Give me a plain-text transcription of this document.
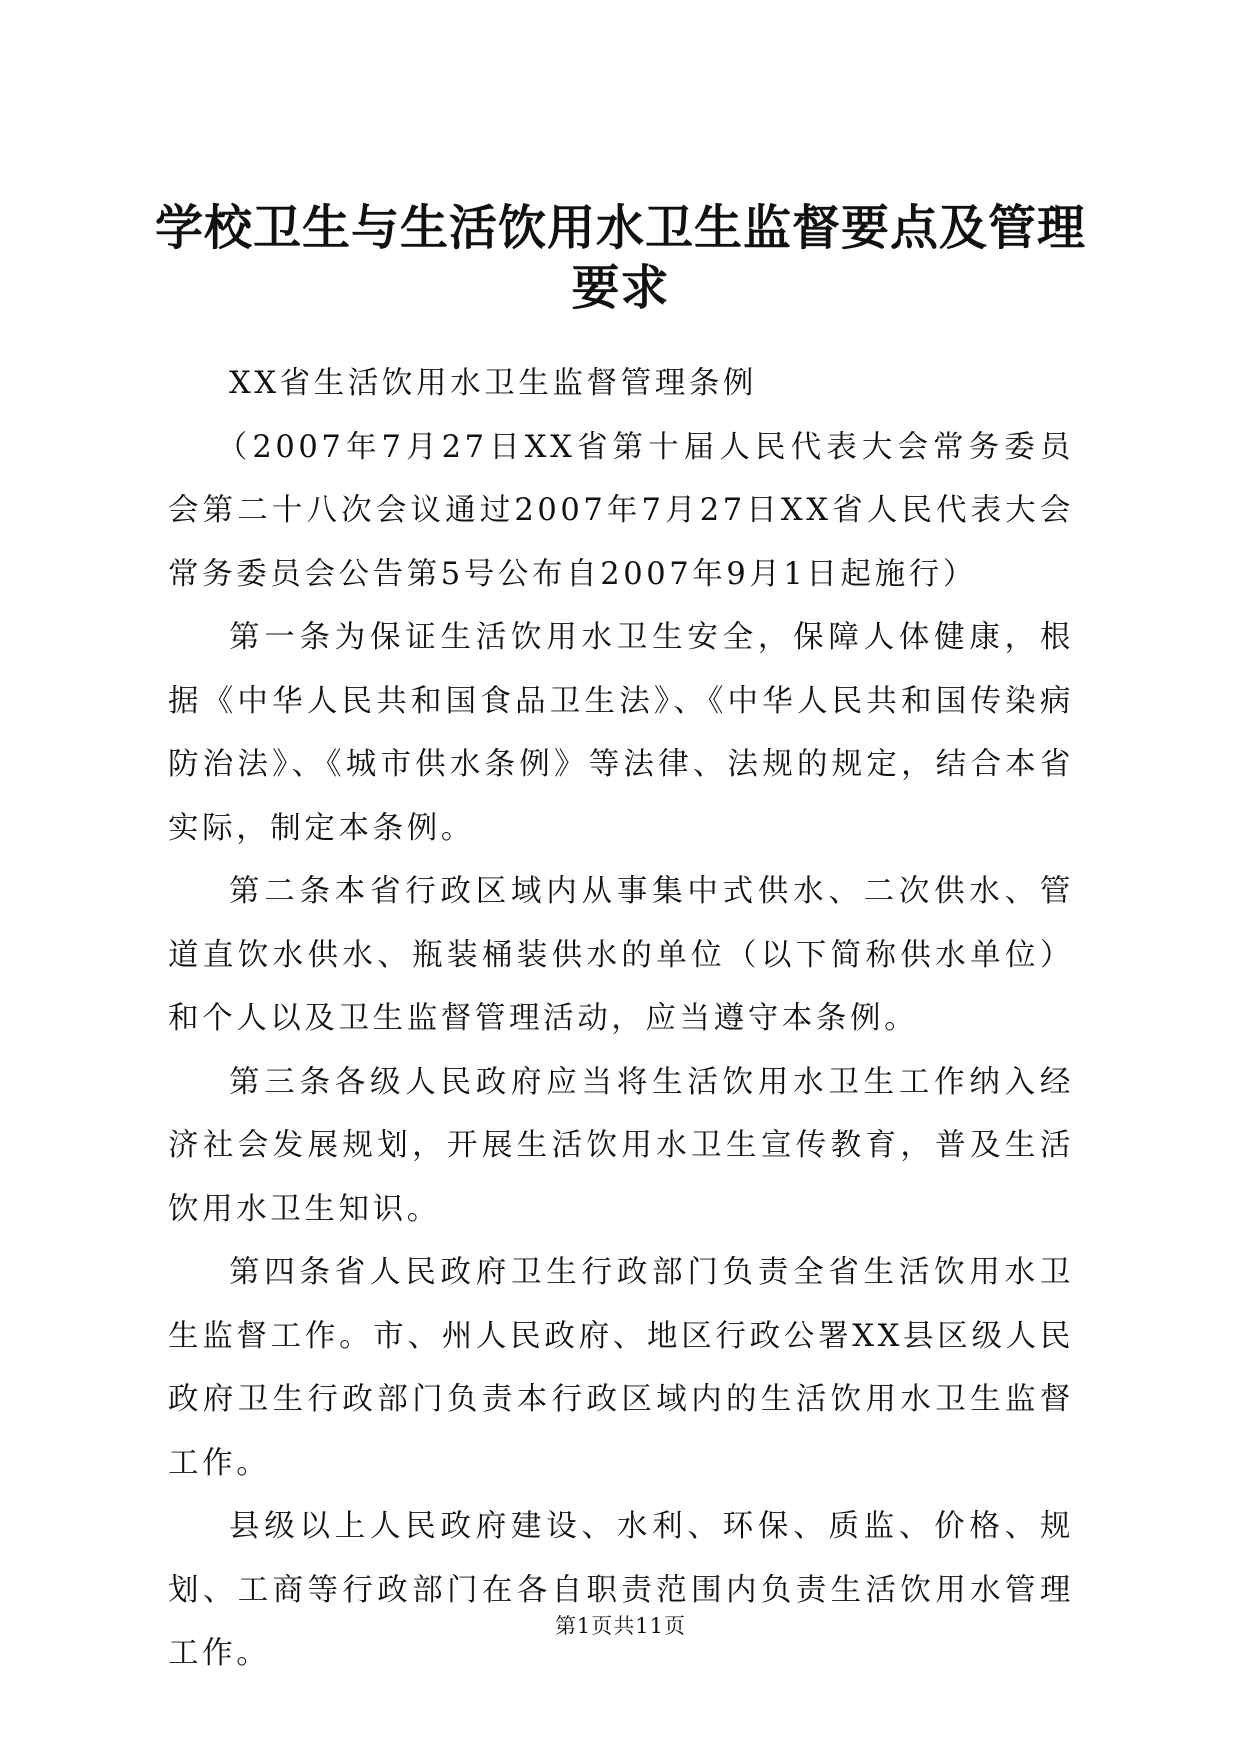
学校卫生与生活饮用水卫生监督要点及管理要求

XX省生活饮用水卫生监督管理条例

（2007年7月27日XX省第十届人民代表大会常务委员会第二十八次会议通过2007年7月27日XX省人民代表大会常务委员会公告第5号公布自2007年9月1日起施行）

第一条为保证生活饮用水卫生安全，保障人体健康，根据《中华人民共和国食品卫生法》、《中华人民共和国传染病防治法》、《城市供水条例》等法律、法规的规定，结合本省实际，制定本条例。

第二条本省行政区域内从事集中式供水、二次供水、管道直饮水供水、瓶装桶装供水的单位（以下简称供水单位）和个人以及卫生监督管理活动，应当遵守本条例。

第三条各级人民政府应当将生活饮用水卫生工作纳入经济社会发展规划，开展生活饮用水卫生宣传教育，普及生活饮用水卫生知识。

第四条省人民政府卫生行政部门负责全省生活饮用水卫生监督工作。市、州人民政府、地区行政公署XX县区级人民政府卫生行政部门负责本行政区域内的生活饮用水卫生监督工作。

县级以上人民政府建设、水利、环保、质监、价格、规划、工商等行政部门在各自职责范围内负责生活饮用水管理工作。

第1页共11页
